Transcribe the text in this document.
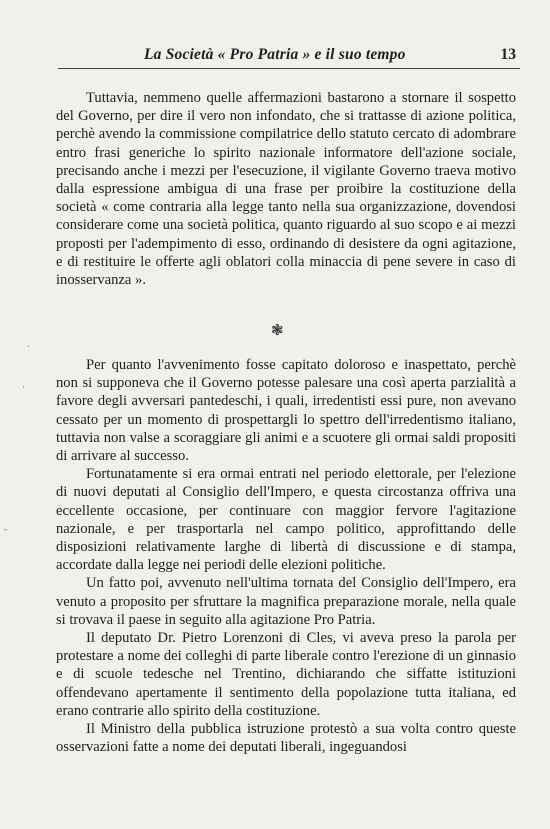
La Società « Pro Patria » e il suo tempo	13

Tuttavia, nemmeno quelle affermazioni bastarono a stornare il sospetto del Governo, per dire il vero non infondato, che si trattasse di azione politica, perchè avendo la commissione compilatrice dello statuto cercato di adombrare entro frasi generiche lo spirito nazionale informatore dell'azione sociale, precisando anche i mezzi per l'esecuzione, il vigilante Governo traeva motivo dalla espressione ambigua di una frase per proibire la costituzione della società « come contraria alla legge tanto nella sua organizzazione, dovendosi considerare come una società politica, quanto riguardo al suo scopo e ai mezzi proposti per l'adempimento di esso, ordinando di desistere da ogni agitazione, e di restituire le offerte agli oblatori colla minaccia di pene severe in caso di inosservanza ».

❃

Per quanto l'avvenimento fosse capitato doloroso e inaspettato, perchè non si supponeva che il Governo potesse palesare una così aperta parzialità a favore degli avversari pantedeschi, i quali, irredentisti essi pure, non avevano cessato per un momento di prospettargli lo spettro dell'irredentismo italiano, tuttavia non valse a scoraggiare gli animi e a scuotere gli ormai saldi propositi di arrivare al successo.

Fortunatamente si era ormai entrati nel periodo elettorale, per l'elezione di nuovi deputati al Consiglio dell'Impero, e questa circostanza offriva una eccellente occasione, per continuare con maggior fervore l'agitazione nazionale, e per trasportarla nel campo politico, approfittando delle disposizioni relativamente larghe di libertà di discussione e di stampa, accordate dalla legge nei periodi delle elezioni politiche.

Un fatto poi, avvenuto nell'ultima tornata del Consiglio dell'Impero, era venuto a proposito per sfruttare la magnifica preparazione morale, nella quale si trovava il paese in seguito alla agitazione Pro Patria.

Il deputato Dr. Pietro Lorenzoni di Cles, vi aveva preso la parola per protestare a nome dei colleghi di parte liberale contro l'erezione di un ginnasio e di scuole tedesche nel Trentino, dichiarando che siffatte istituzioni offendevano apertamente il sentimento della popolazione tutta italiana, ed erano contrarie allo spirito della costituzione.

Il Ministro della pubblica istruzione protestò a sua volta contro queste osservazioni fatte a nome dei deputati liberali, ingeguandosi

·
-
`
